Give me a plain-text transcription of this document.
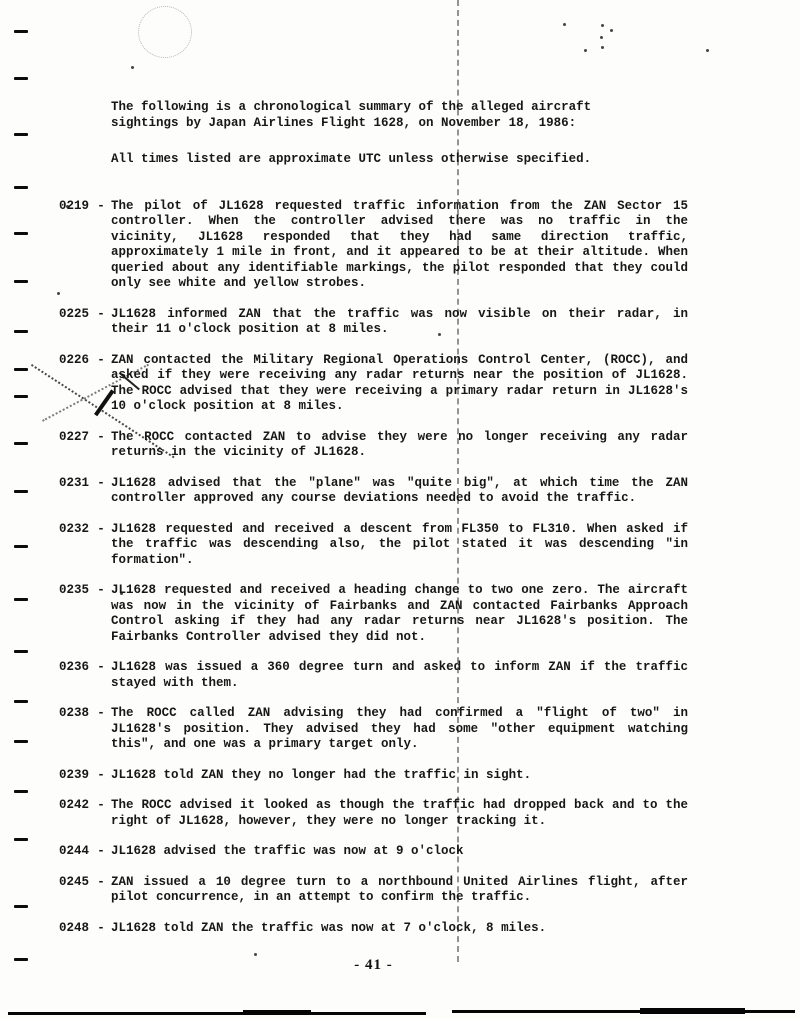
The following is a chronological summary of the alleged aircraft sightings by Japan Airlines Flight 1628, on November 18, 1986:

All times listed are approximate UTC unless otherwise specified.

0219 - The pilot of JL1628 requested traffic information from the ZAN Sector 15 controller. When the controller advised there was no traffic in the vicinity, JL1628 responded that they had same direction traffic, approximately 1 mile in front, and it appeared to be at their altitude. When queried about any identifiable markings, the pilot responded that they could only see white and yellow strobes.
0225 - JL1628 informed ZAN that the traffic was now visible on their radar, in their 11 o'clock position at 8 miles.
0226 - ZAN contacted the Military Regional Operations Control Center, (ROCC), and asked if they were receiving any radar returns near the position of JL1628. The ROCC advised that they were receiving a primary radar return in JL1628's 10 o'clock position at 8 miles.
0227 - The ROCC contacted ZAN to advise they were no longer receiving any radar returns in the vicinity of JL1628.
0231 - JL1628 advised that the "plane" was "quite big", at which time the ZAN controller approved any course deviations needed to avoid the traffic.
0232 - JL1628 requested and received a descent from FL350 to FL310. When asked if the traffic was descending also, the pilot stated it was descending "in formation".
0235 - JL1628 requested and received a heading change to two one zero. The aircraft was now in the vicinity of Fairbanks and ZAN contacted Fairbanks Approach Control asking if they had any radar returns near JL1628's position. The Fairbanks Controller advised they did not.
0236 - JL1628 was issued a 360 degree turn and asked to inform ZAN if the traffic stayed with them.
0238 - The ROCC called ZAN advising they had confirmed a "flight of two" in JL1628's position. They advised they had some "other equipment watching this", and one was a primary target only.
0239 - JL1628 told ZAN they no longer had the traffic in sight.
0242 - The ROCC advised it looked as though the traffic had dropped back and to the right of JL1628, however, they were no longer tracking it.
0244 - JL1628 advised the traffic was now at 9 o'clock
0245 - ZAN issued a 10 degree turn to a northbound United Airlines flight, after pilot concurrence, in an attempt to confirm the traffic.
0248 - JL1628 told ZAN the traffic was now at 7 o'clock, 8 miles.
- 41 -
